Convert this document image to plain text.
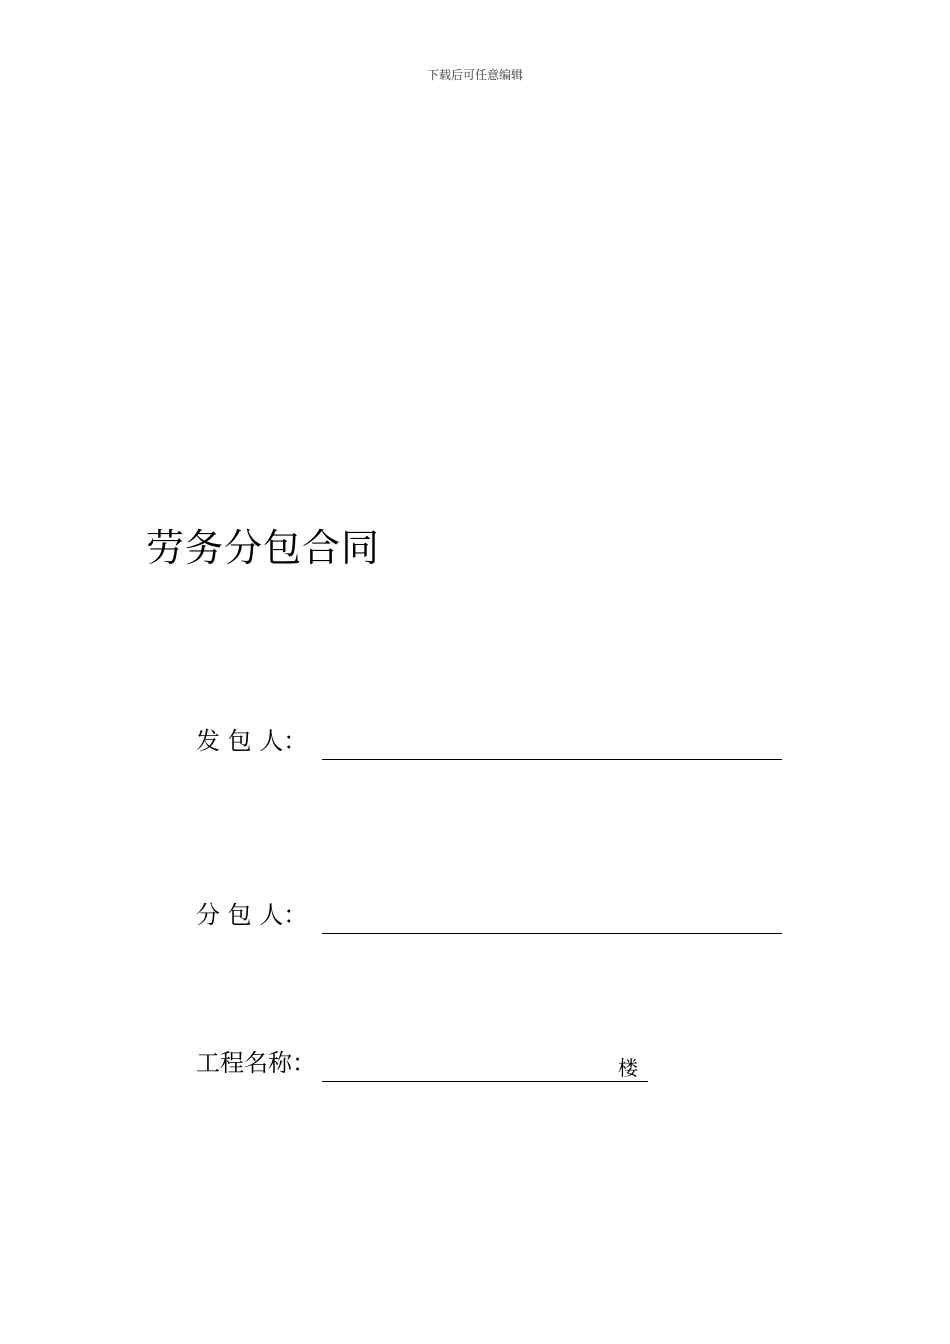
下载后可任意编辑
劳务分包合同
发 包 人：
分 包 人：
工程名称：	楼
